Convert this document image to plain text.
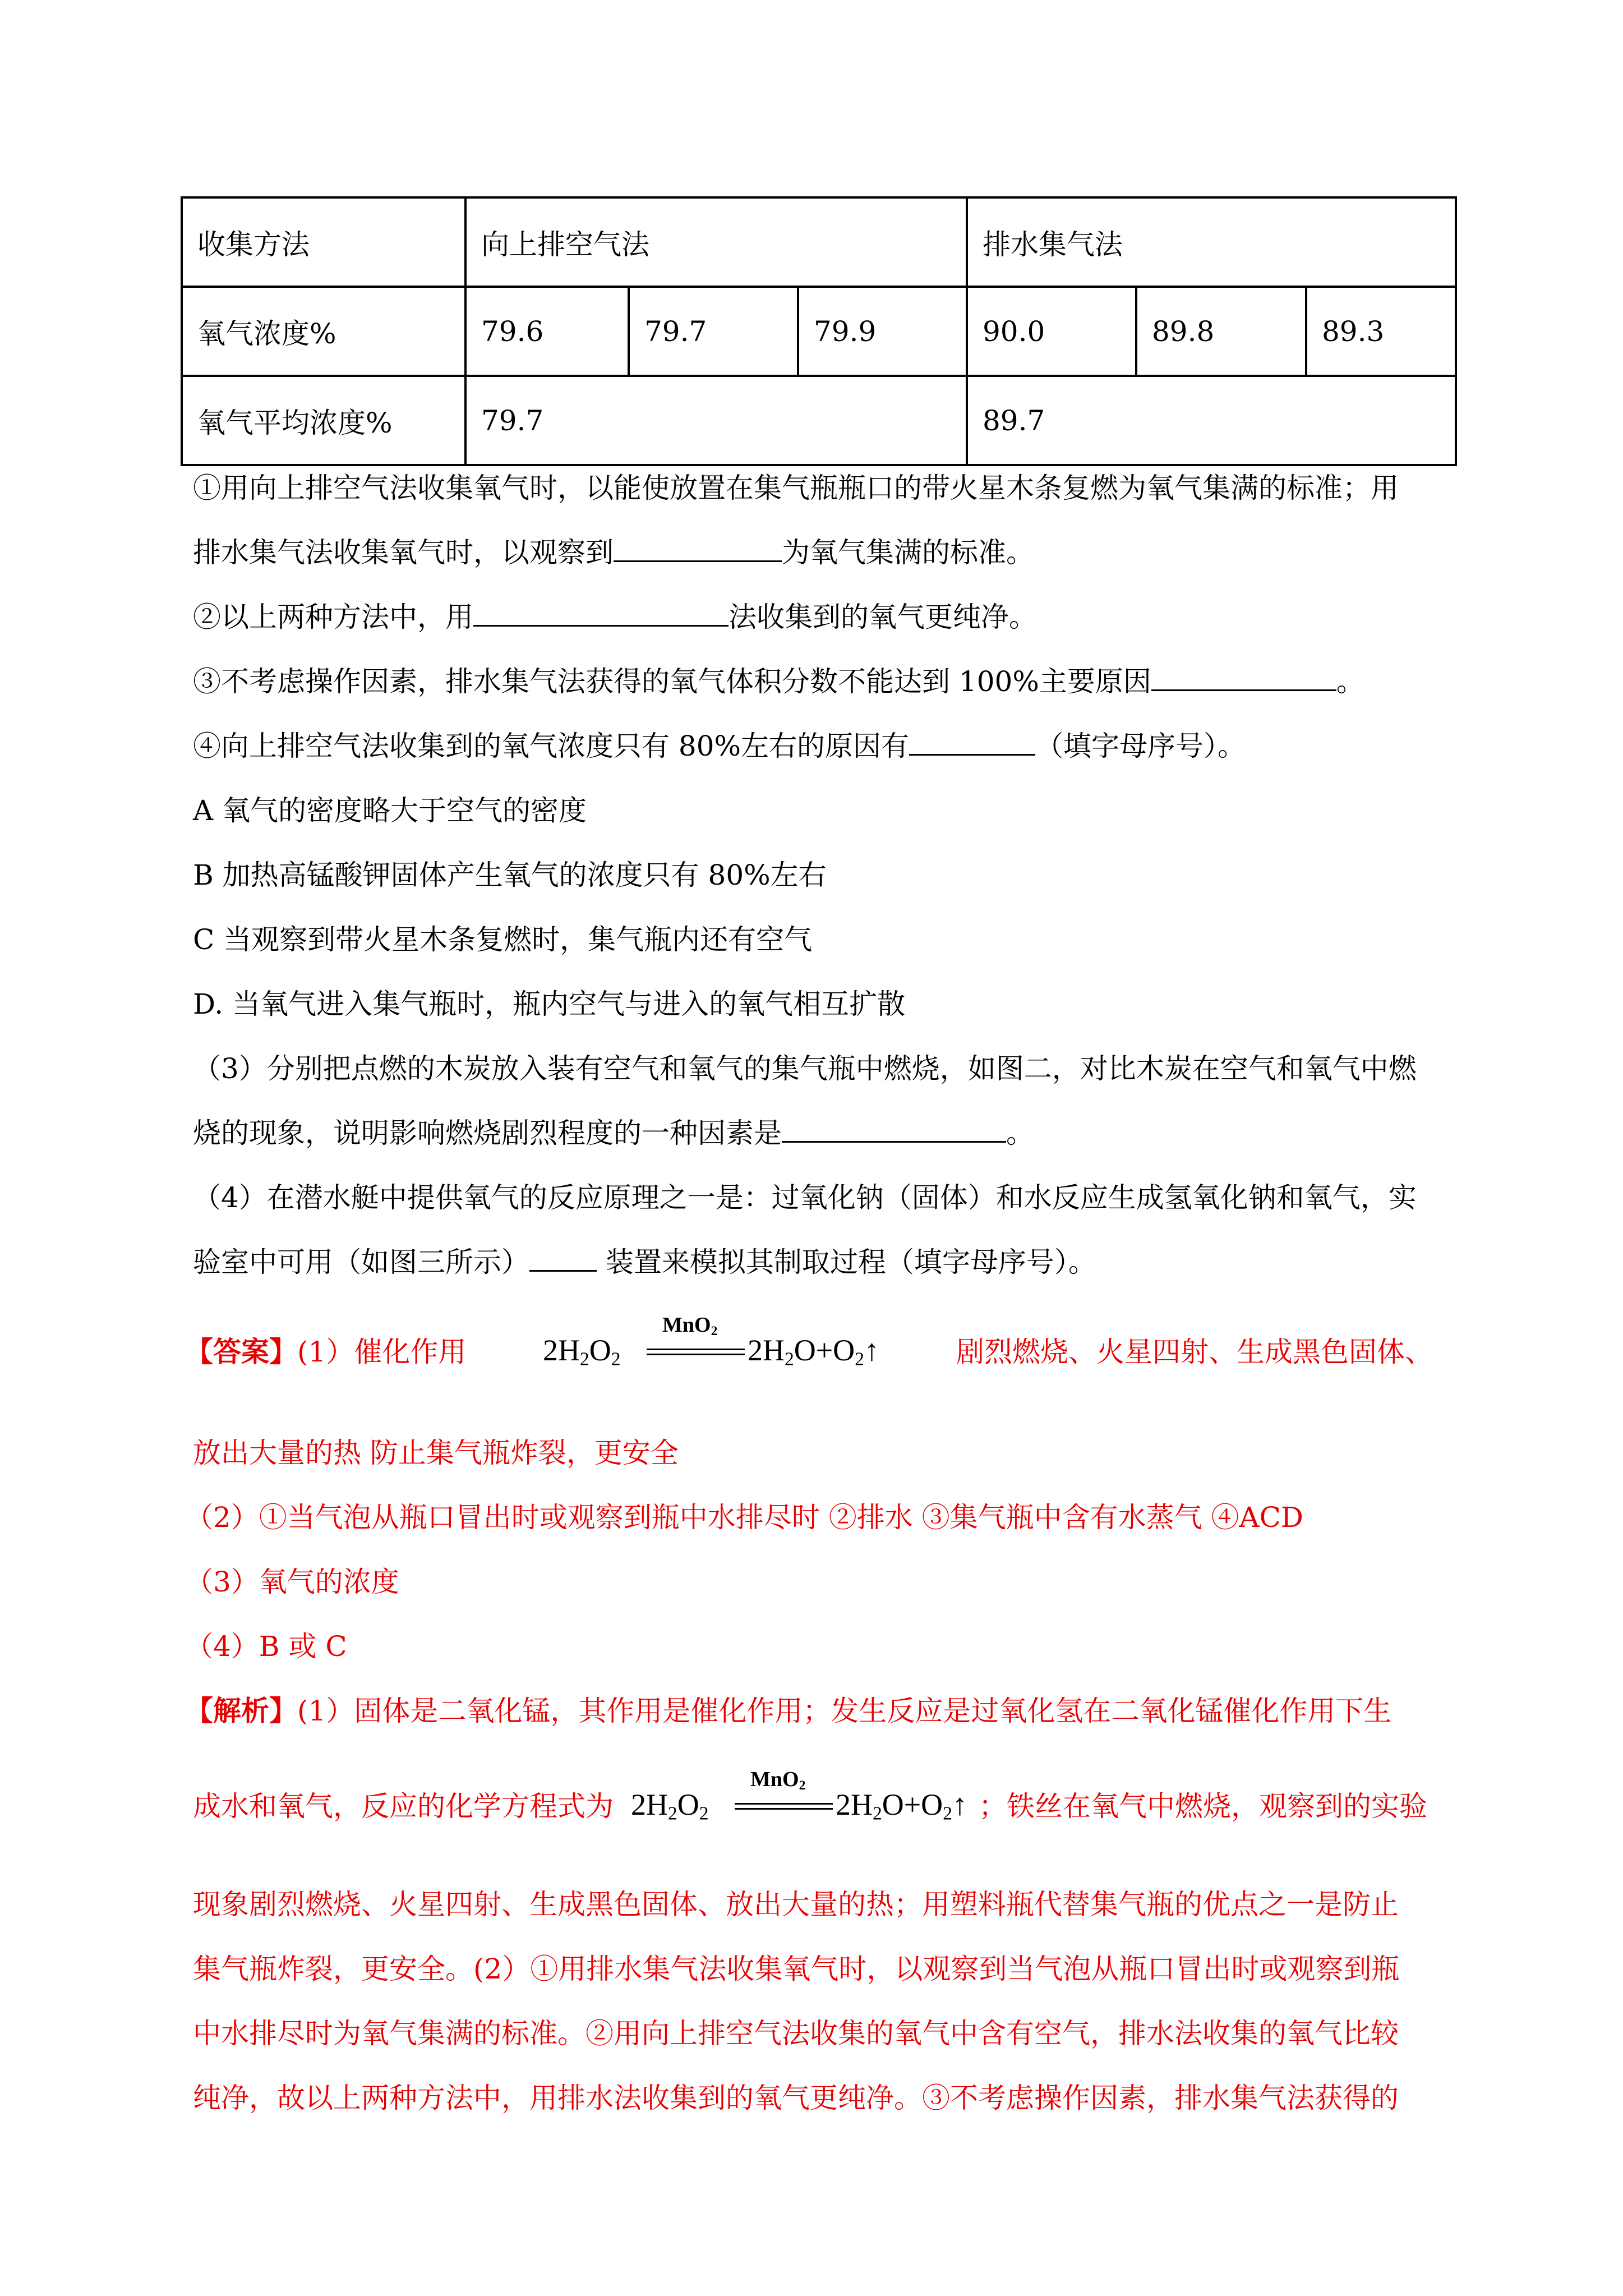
收集方法	向上排空气法			排水集气法		
氧气浓度%	79.6	79.7	79.9	90.0	89.8	89.3
氧气平均浓度%	79.7			89.7		
①用向上排空气法收集氧气时，以能使放置在集气瓶瓶口的带火星木条复燃为氧气集满的标准；用
排水集气法收集氧气时，以观察到	为氧气集满的标准。
②以上两种方法中，用	法收集到的氧气更纯净。
③不考虑操作因素，排水集气法获得的氧气体积分数不能达到 100%主要原因	。
④向上排空气法收集到的氧气浓度只有 80%左右的原因有	（填字母序号）。
A 氧气的密度略大于空气的密度
B 加热高锰酸钾固体产生氧气的浓度只有 80%左右
C 当观察到带火星木条复燃时，集气瓶内还有空气
D. 当氧气进入集气瓶时，瓶内空气与进入的氧气相互扩散
（3）分别把点燃的木炭放入装有空气和氧气的集气瓶中燃烧，如图二，对比木炭在空气和氧气中燃
烧的现象，说明影响燃烧剧烈程度的一种因素是	。
（4）在潜水艇中提供氧气的反应原理之一是：过氧化钠（固体）和水反应生成氢氧化钠和氧气，实
验室中可用（如图三所示） 装置来模拟其制取过程（填字母序号）。
【答案】(1）催化作用	$2H_2O_2$
MnO$_2$
$2H_2O+O_2↑$	剧烈燃烧、火星四射、生成黑色固体、
放出大量的热 防止集气瓶炸裂，更安全
（2）①当气泡从瓶口冒出时或观察到瓶中水排尽时 ②排水 ③集气瓶中含有水蒸气 ④ACD
（3）氧气的浓度
（4）B 或 C
【解析】(1）固体是二氧化锰，其作用是催化作用；发生反应是过氧化氢在二氧化锰催化作用下生
成水和氧气，反应的化学方程式为 $2H_2O_2$
MnO$_2$
$2H_2O+O_2↑$ ；铁丝在氧气中燃烧，观察到的实验
现象剧烈燃烧、火星四射、生成黑色固体、放出大量的热；用塑料瓶代替集气瓶的优点之一是防止
集气瓶炸裂，更安全。(2）①用排水集气法收集氧气时，以观察到当气泡从瓶口冒出时或观察到瓶
中水排尽时为氧气集满的标准。②用向上排空气法收集的氧气中含有空气，排水法收集的氧气比较
纯净，故以上两种方法中，用排水法收集到的氧气更纯净。③不考虑操作因素，排水集气法获得的
